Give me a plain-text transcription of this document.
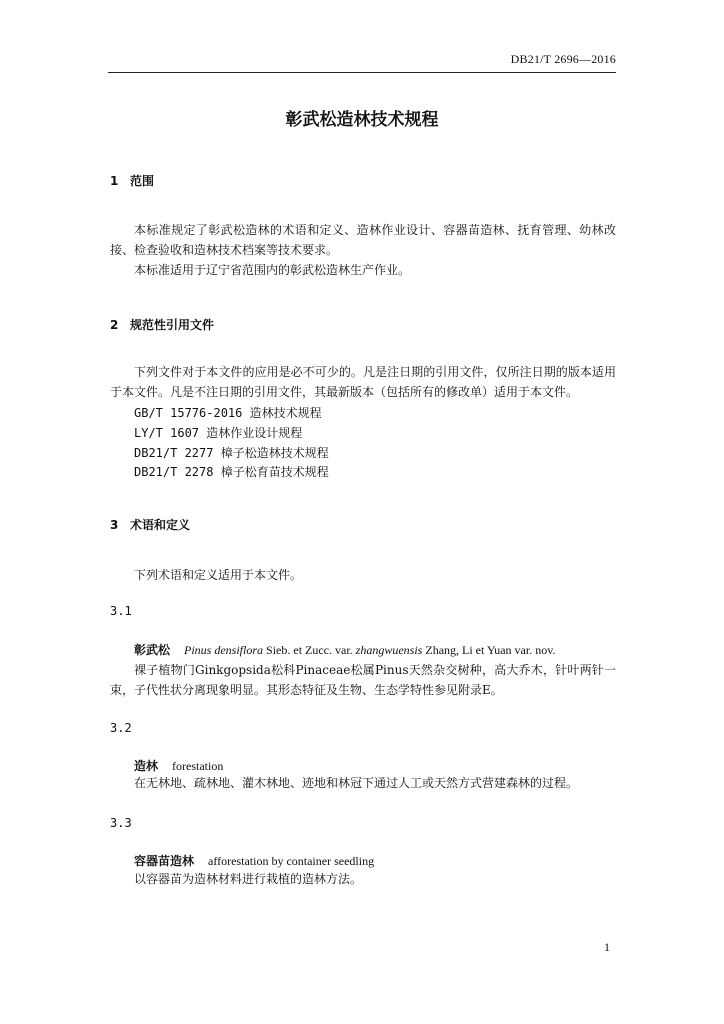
DB21/T 2696—2016
彰武松造林技术规程
1 范围
本标准规定了彰武松造林的术语和定义、造林作业设计、容器苗造林、抚育管理、幼林改接、检查验收和造林技术档案等技术要求。
本标准适用于辽宁省范围内的彰武松造林生产作业。
2 规范性引用文件
下列文件对于本文件的应用是必不可少的。凡是注日期的引用文件，仅所注日期的版本适用于本文件。凡是不注日期的引用文件，其最新版本（包括所有的修改单）适用于本文件。
GB/T 15776-2016 造林技术规程
LY/T 1607 造林作业设计规程
DB21/T 2277 樟子松造林技术规程
DB21/T 2278 樟子松育苗技术规程
3 术语和定义
下列术语和定义适用于本文件。
3.1
彰武松 Pinus densiflora Sieb. et Zucc. var. zhangwuensis Zhang, Li et Yuan var. nov.
裸子植物门Ginkgopsida松科Pinaceae松属Pinus天然杂交树种，高大乔木，针叶两针一束，子代性状分离现象明显。其形态特征及生物、生态学特性参见附录E。
3.2
造林 forestation
在无林地、疏林地、灌木林地、迹地和林冠下通过人工或天然方式营建森林的过程。
3.3
容器苗造林 afforestation by container seedling
以容器苗为造林材料进行栽植的造林方法。
1
